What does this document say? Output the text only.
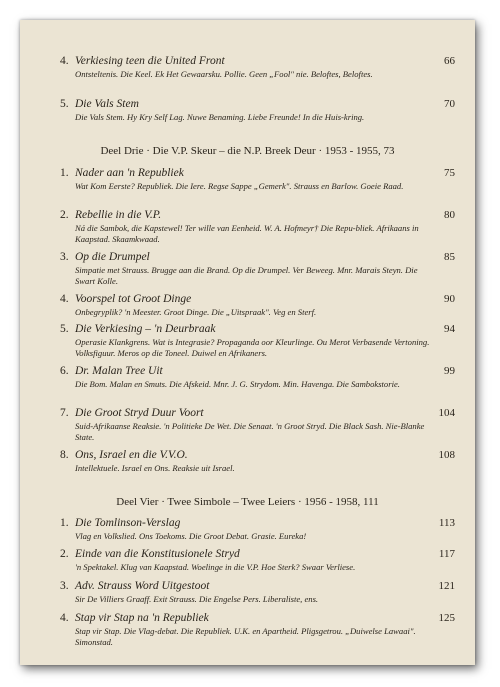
4. Verkiesing teen die United Front	66
Ontsteltenis. Die Keel. Ek Het Gewaarsku. Pollie. Geen „Fool" nie. Beloftes, Beloftes.
5. Die Vals Stem	70
Die Vals Stem. Hy Kry Self Lag. Nuwe Benaming. Liebe Freunde! In die Huis-kring.
Deel Drie · Die V.P. Skeur – die N.P. Breek Deur · 1953 - 1955, 73
1. Nader aan 'n Republiek	75
Wat Kom Eerste? Republiek. Die Iere. Regse Sappe „Gemerk". Strauss en Barlow. Goeie Raad.
2. Rebellie in die V.P.	80
Ná die Sambok, die Kapstewel! Ter wille van Eenheid. W. A. Hofmeyr† Die Repu-bliek. Afrikaans in Kaapstad. Skaamkwaad.
3. Op die Drumpel	85
Simpatie met Strauss. Brugge aan die Brand. Op die Drumpel. Ver Beweeg. Mnr. Marais Steyn. Die Swart Kolle.
4. Voorspel tot Groot Dinge	90
Onbegryplik? 'n Meester. Groot Dinge. Die „Uitspraak". Veg en Sterf.
5. Die Verkiesing – 'n Deurbraak	94
Operasie Klankgrens. Wat is Integrasie? Propaganda oor Kleurlinge. Ou Merot Verbasende Vertoning. Volksfiguur. Meros op die Toneel. Duiwel en Afrikaners.
6. Dr. Malan Tree Uit	99
Die Bom. Malan en Smuts. Die Afskeid. Mnr. J. G. Strydom. Min. Havenga. Die Sambokstorie.
7. Die Groot Stryd Duur Voort	104
Suid-Afrikaanse Reaksie. 'n Politieke De Wet. Die Senaat. 'n Groot Stryd. Die Black Sash. Nie-Blanke State.
8. Ons, Israel en die V.V.O.	108
Intellektuele. Israel en Ons. Reaksie uit Israel.
Deel Vier · Twee Simbole – Twee Leiers · 1956 - 1958, 111
1. Die Tomlinson-Verslag	113
Vlag en Volkslied. Ons Toekoms. Die Groot Debat. Grasie. Eureka!
2. Einde van die Konstitusionele Stryd	117
'n Spektakel. Klug van Kaapstad. Woelinge in die V.P. Hoe Sterk? Swaar Verliese.
3. Adv. Strauss Word Uitgestoot	121
Sir De Villiers Graaff. Exit Strauss. Die Engelse Pers. Liberaliste, ens.
4. Stap vir Stap na 'n Republiek	125
Stap vir Stap. Die Vlag-debat. Die Republiek. U.K. en Apartheid. Pligsgetrou. „Duiwelse Lawaai". Simonstad.
